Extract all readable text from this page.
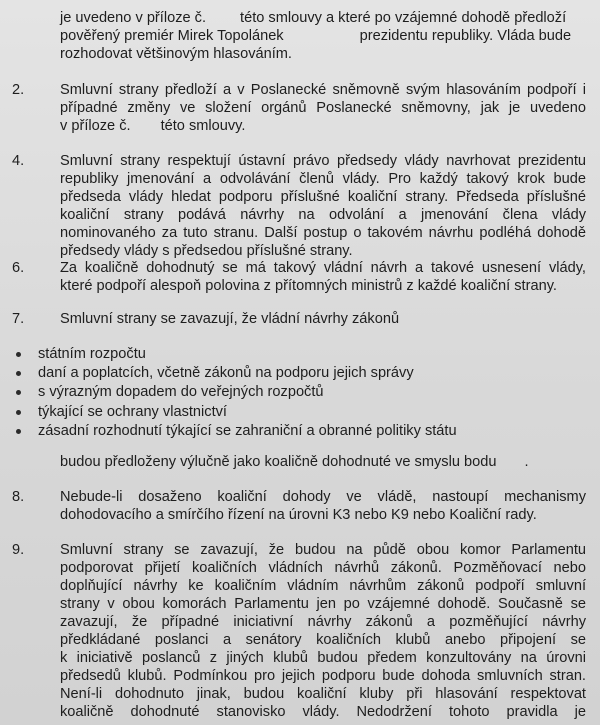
je uvedeno v příloze č. této smlouvy a které po vzájemné dohodě předloží
pověřený premiér Mirek Topolánek	prezidentu republiky. Vláda bude
rozhodovat většinovým hlasováním.
2. Smluvní strany předloží a v Poslanecké sněmovně svým hlasováním podpoří i
případné změny ve složení orgánů Poslanecké sněmovny, jak je uvedeno
v příloze č. této smlouvy.
4. Smluvní strany respektují ústavní právo předsedy vlády navrhovat prezidentu
republiky jmenování a odvolávání členů vlády. Pro každý takový krok bude
předseda vlády hledat podporu příslušné koaliční strany. Předseda příslušné
koaliční strany podává návrhy na odvolání a jmenování člena vlády
nominovaného za tuto stranu. Další postup o takovém návrhu podléhá dohodě
předsedy vlády s předsedou příslušné strany.
6. Za koaličně dohodnutý se má takový vládní návrh a takové usnesení vlády,
které podpoří alespoň polovina z přítomných ministrů z každé koaliční strany.
7. Smluvní strany se zavazují, že vládní návrhy zákonů
státním rozpočtu
daní a poplatcích, včetně zákonů na podporu jejich správy
s výrazným dopadem do veřejných rozpočtů
týkající se ochrany vlastnictví
zásadní rozhodnutí týkající se zahraniční a obranné politiky státu
budou předloženy výlučně jako koaličně dohodnuté ve smyslu bodu .
8. Nebude-li dosaženo koaliční dohody ve vládě, nastoupí mechanismy
dohodovacího a smírčího řízení na úrovni K3 nebo K9 nebo Koaliční rady.
9. Smluvní strany se zavazují, že budou na půdě obou komor Parlamentu
podporovat přijetí koaličních vládních návrhů zákonů. Pozměňovací nebo
doplňující návrhy ke koaličním vládním návrhům zákonů podpoří smluvní
strany v obou komorách Parlamentu jen po vzájemné dohodě. Současně se
zavazují, že případné iniciativní návrhy zákonů a pozměňující návrhy
předkládané poslanci a senátory koaličních klubů anebo připojení se
k iniciativě poslanců z jiných klubů budou předem konzultovány na úrovni
předsedů klubů. Podmínkou pro jejich podporu bude dohoda smluvních stran.
Není-li dohodnuto jinak, budou koaliční kluby při hlasování respektovat
koaličně dohodnuté stanovisko vlády. Nedodržení tohoto pravidla je
